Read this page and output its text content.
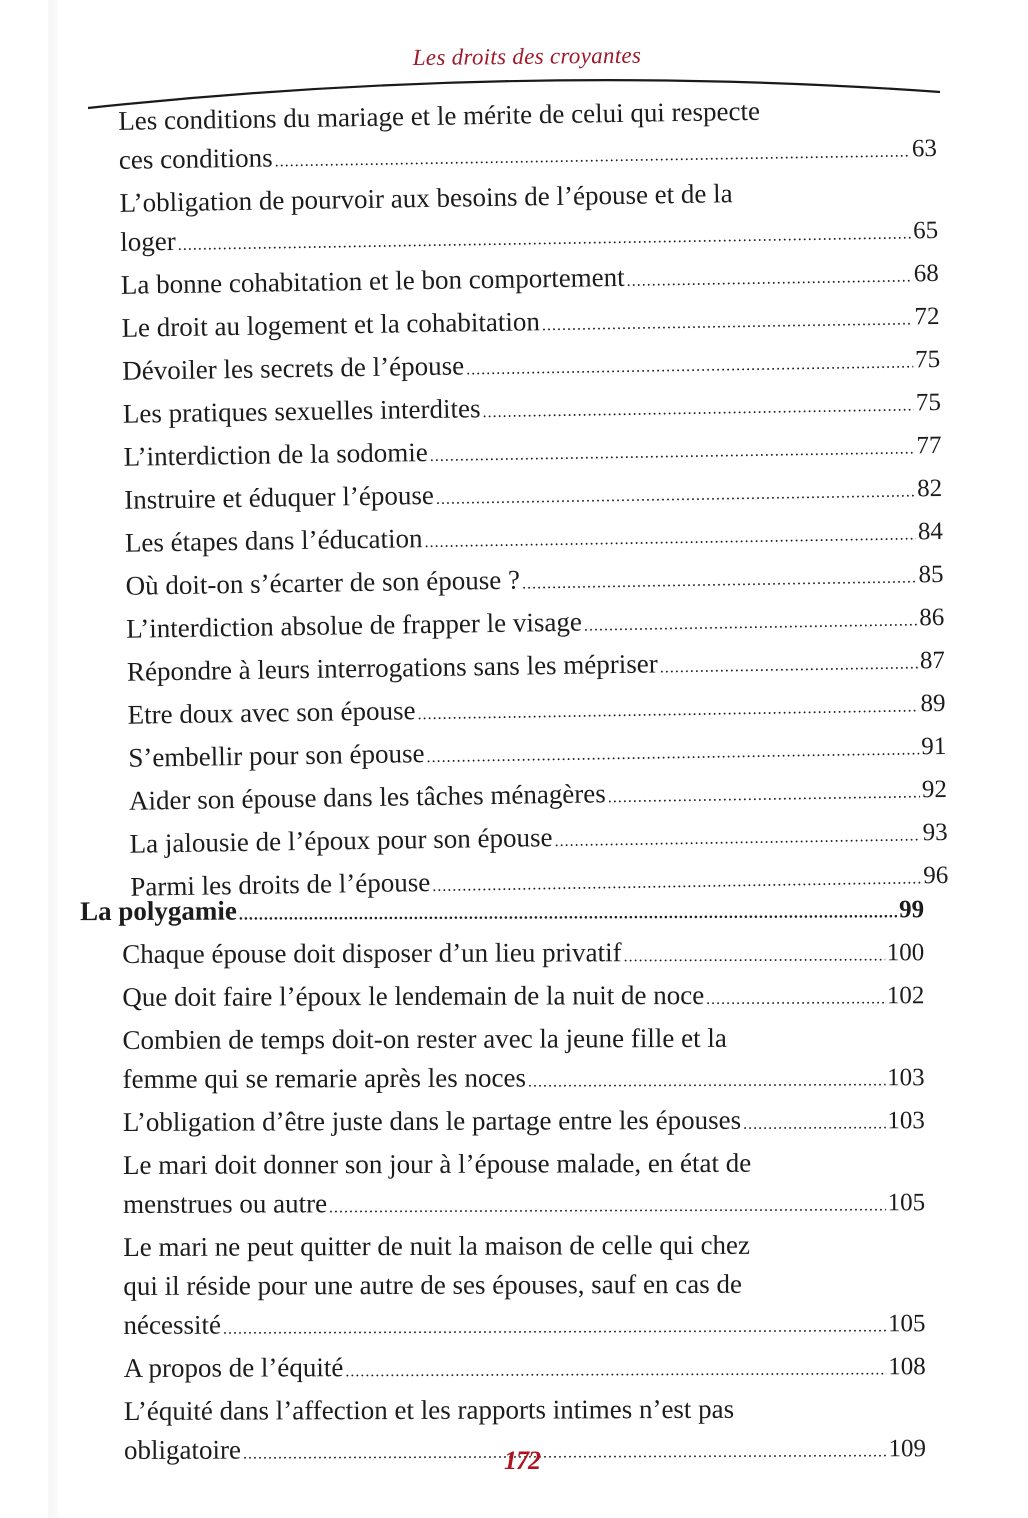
Les droits des croyantes
Les conditions du mariage et le mérite de celui qui respecte
ces conditions .....	63
L’obligation de pourvoir aux besoins de l’épouse et de la
loger .....	65
La bonne cohabitation et le bon comportement .....	68
Le droit au logement et la cohabitation .....	72
Dévoiler les secrets de l’épouse .....	75
Les pratiques sexuelles interdites .....	75
L’interdiction de la sodomie .....	77
Instruire et éduquer l’épouse .....	82
Les étapes dans l’éducation .....	84
Où doit-on s’écarter de son épouse ? .....	85
L’interdiction absolue de frapper le visage .....	86
Répondre à leurs interrogations sans les mépriser .....	87
Etre doux avec son épouse .....	89
S’embellir pour son épouse .....	91
Aider son épouse dans les tâches ménagères .....	92
La jalousie de l’époux pour son épouse .....	93
Parmi les droits de l’épouse .....	96
La polygamie .....	99
Chaque épouse doit disposer d’un lieu privatif .....	100
Que doit faire l’époux le lendemain de la nuit de noce .....	102
Combien de temps doit-on rester avec la jeune fille et la
femme qui se remarie après les noces .....	103
L’obligation d’être juste dans le partage entre les épouses .....	103
Le mari doit donner son jour à l’épouse malade, en état de
menstrues ou autre .....	105
Le mari ne peut quitter de nuit la maison de celle qui chez
qui il réside pour une autre de ses épouses, sauf en cas de
nécessité .....	105
A propos de l’équité .....	108
L’équité dans l’affection et les rapports intimes n’est pas
obligatoire .....	109
172
